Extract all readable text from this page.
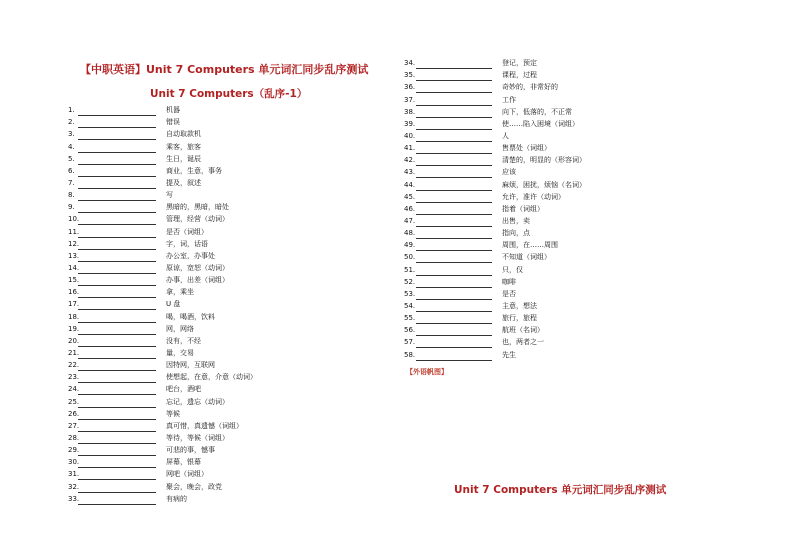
【中职英语】Unit 7 Computers 单元词汇同步乱序测试
Unit 7 Computers（乱序-1）
1.	机器
2.	错误
3.	自动取款机
4.	乘客，旅客
5.	生日，诞辰
6.	商业，生意，事务
7.	提及，叙述
8.	写
9.	黑暗的，黑暗，暗处
10.	管理，经营（动词）
11.	是否（词组）
12.	字，词，话语
13.	办公室，办事处
14.	原谅，宽恕（动词）
15.	办事，出差（词组）
16.	拿，乘坐
17.	U 盘
18.	喝，喝酒，饮料
19.	网，网络
20.	没有，不经
21.	量，交易
22.	因特网，互联网
23.	使想起，在意，介意（动词）
24.	吧台，酒吧
25.	忘记，遗忘（动词）
26.	等候
27.	真可惜，真遗憾（词组）
28.	等待，等候（词组）
29.	可悲的事，憾事
30.	屏幕，银幕
31.	网吧（词组）
32.	聚会，晚会，政党
33.	有病的
34.	登记，预定
35.	课程，过程
36.	奇妙的，非常好的
37.	工作
38.	向下，低落的，不正常
39.	使……陷入困境（词组）
40.	人
41.	售票处（词组）
42.	清楚的，明显的（形容词）
43.	应该
44.	麻烦，困扰，烦恼（名词）
45.	允许，准许（动词）
46.	指着（词组）
47.	出售，卖
48.	指向，点
49.	周围，在……周围
50.	不知道（词组）
51.	只，仅
52.	咖啡
53.	是否
54.	主意，想法
55.	旅行，旅程
56.	航班（名词）
57.	也，两者之一
58.	先生
【外语帆图】
Unit 7 Computers 单元词汇同步乱序测试
